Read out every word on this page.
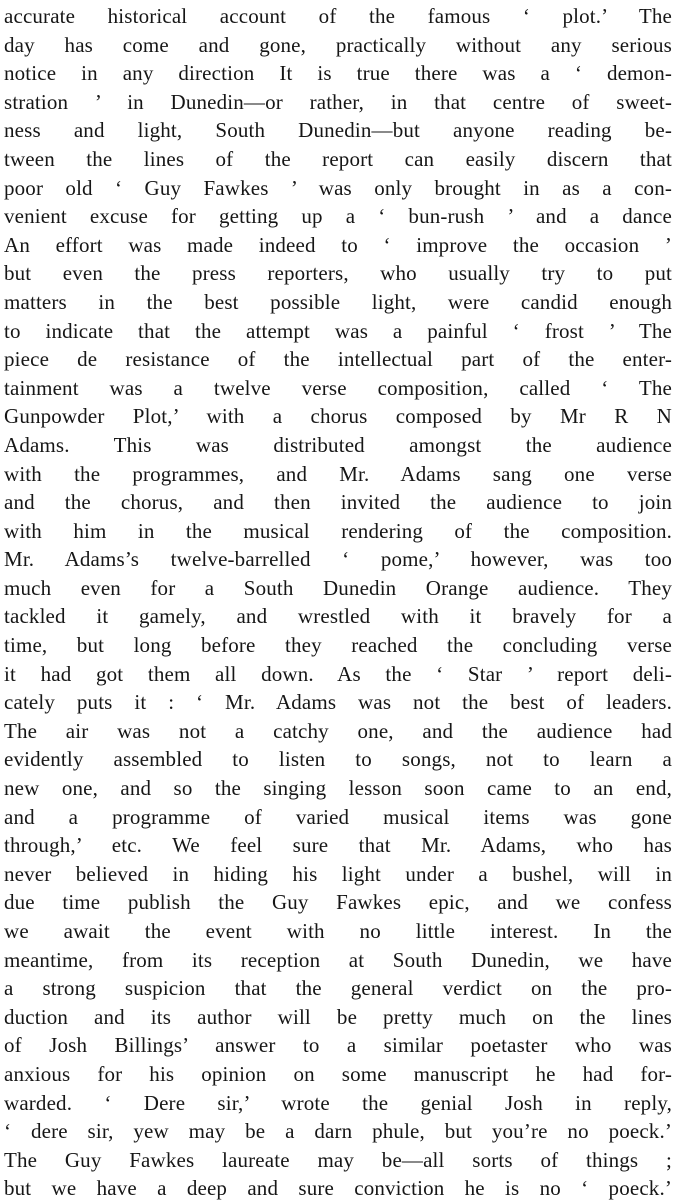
accurate historical account of the famous ‘ plot.’ The
day has come and gone, practically without any serious
notice in any direction It is true there was a ‘ demon-
stration ’ in Dunedin—or rather, in that centre of sweet-
ness and light, South Dunedin—but anyone reading be-
tween the lines of the report can easily discern that
poor old ‘ Guy Fawkes ’ was only brought in as a con-
venient excuse for getting up a ‘ bun-rush ’ and a dance
An effort was made indeed to ‘ improve the occasion ’
but even the press reporters, who usually try to put
matters in the best possible light, were candid enough
to indicate that the attempt was a painful ‘ frost ’ The
piece de resistance of the intellectual part of the enter-
tainment was a twelve verse composition, called ‘ The
Gunpowder Plot,’ with a chorus composed by Mr R N
Adams. This was distributed amongst the audience
with the programmes, and Mr. Adams sang one verse
and the chorus, and then invited the audience to join
with him in the musical rendering of the composition.
Mr. Adams’s twelve-barrelled ‘ pome,’ however, was too
much even for a South Dunedin Orange audience. They
tackled it gamely, and wrestled with it bravely for a
time, but long before they reached the concluding verse
it had got them all down. As the ‘ Star ’ report deli-
cately puts it : ‘ Mr. Adams was not the best of leaders.
The air was not a catchy one, and the audience had
evidently assembled to listen to songs, not to learn a
new one, and so the singing lesson soon came to an end,
and a programme of varied musical items was gone
through,’ etc. We feel sure that Mr. Adams, who has
never believed in hiding his light under a bushel, will in
due time publish the Guy Fawkes epic, and we confess
we await the event with no little interest. In the
meantime, from its reception at South Dunedin, we have
a strong suspicion that the general verdict on the pro-
duction and its author will be pretty much on the lines
of Josh Billings’ answer to a similar poetaster who was
anxious for his opinion on some manuscript he had for-
warded. ‘ Dere sir,’ wrote the genial Josh in reply,
‘ dere sir, yew may be a darn phule, but you’re no poeck.’
The Guy Fawkes laureate may be—all sorts of things ;
but we have a deep and sure conviction he is no ‘ poeck.’
